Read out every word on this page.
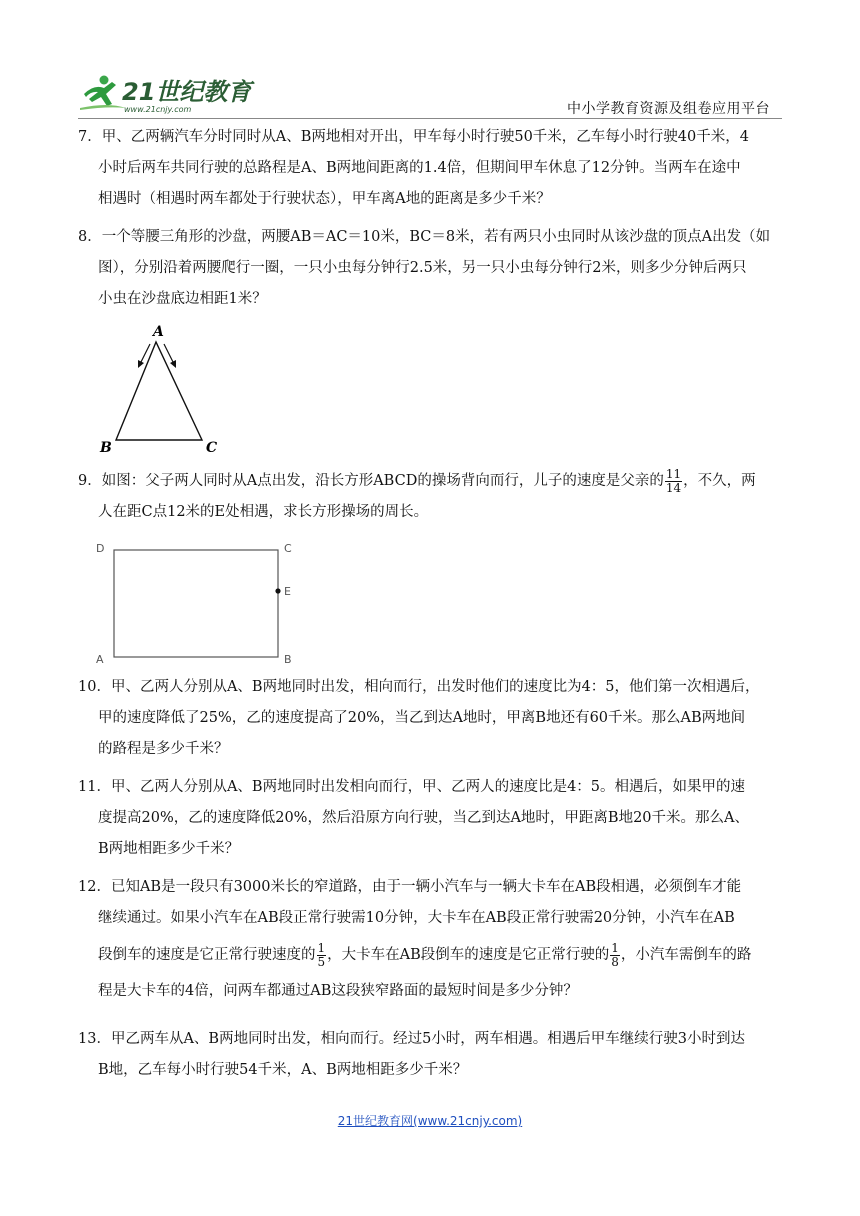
21世纪教育
www.21cnjy.com	中小学教育资源及组卷应用平台
7．甲、乙两辆汽车分时同时从A、B两地相对开出，甲车每小时行驶50千米，乙车每小时行驶40千米，4

小时后两车共同行驶的总路程是A、B两地间距离的1.4倍，但期间甲车休息了12分钟。当两车在途中
相遇时（相遇时两车都处于行驶状态），甲车离A地的距离是多少千米？
8．一个等腰三角形的沙盘，两腰AB＝AC＝10米，BC＝8米，若有两只小虫同时从该沙盘的顶点A出发（如

图），分别沿着两腰爬行一圈，一只小虫每分钟行2.5米，另一只小虫每分钟行2米，则多少分钟后两只
小虫在沙盘底边相距1米？
A
B	C
9．如图：父子两人同时从A点出发，沿长方形ABCD的操场背向而行，儿子的速度是父亲的 $\frac{11}{14}$ ，不久，两

人在距C点12米的E处相遇，求长方形操场的周长。
D	C
E
A	B
10．甲、乙两人分别从A、B两地同时出发，相向而行，出发时他们的速度比为4：5，他们第一次相遇后，

甲的速度降低了25%，乙的速度提高了20%，当乙到达A地时，甲离B地还有60千米。那么AB两地间
的路程是多少千米？
11．甲、乙两人分别从A、B两地同时出发相向而行，甲、乙两人的速度比是4：5。相遇后，如果甲的速

度提高20%，乙的速度降低20%，然后沿原方向行驶，当乙到达A地时，甲距离B地20千米。那么A、
B两地相距多少千米？
12．已知AB是一段只有3000米长的窄道路，由于一辆小汽车与一辆大卡车在AB段相遇，必须倒车才能

继续通过。如果小汽车在AB段正常行驶需10分钟，大卡车在AB段正常行驶需20分钟，小汽车在AB
段倒车的速度是它正常行驶速度的 $\frac{1}{5}$ ，大卡车在AB段倒车的速度是它正常行驶的 $\frac{1}{8}$ ，小汽车需倒车的路
程是大卡车的4倍，问两车都通过AB这段狭窄路面的最短时间是多少分钟？
13．甲乙两车从A、B两地同时出发，相向而行。经过5小时，两车相遇。相遇后甲车继续行驶3小时到达

B地，乙车每小时行驶54千米，A、B两地相距多少千米？
21世纪教育网(www.21cnjy.com)
